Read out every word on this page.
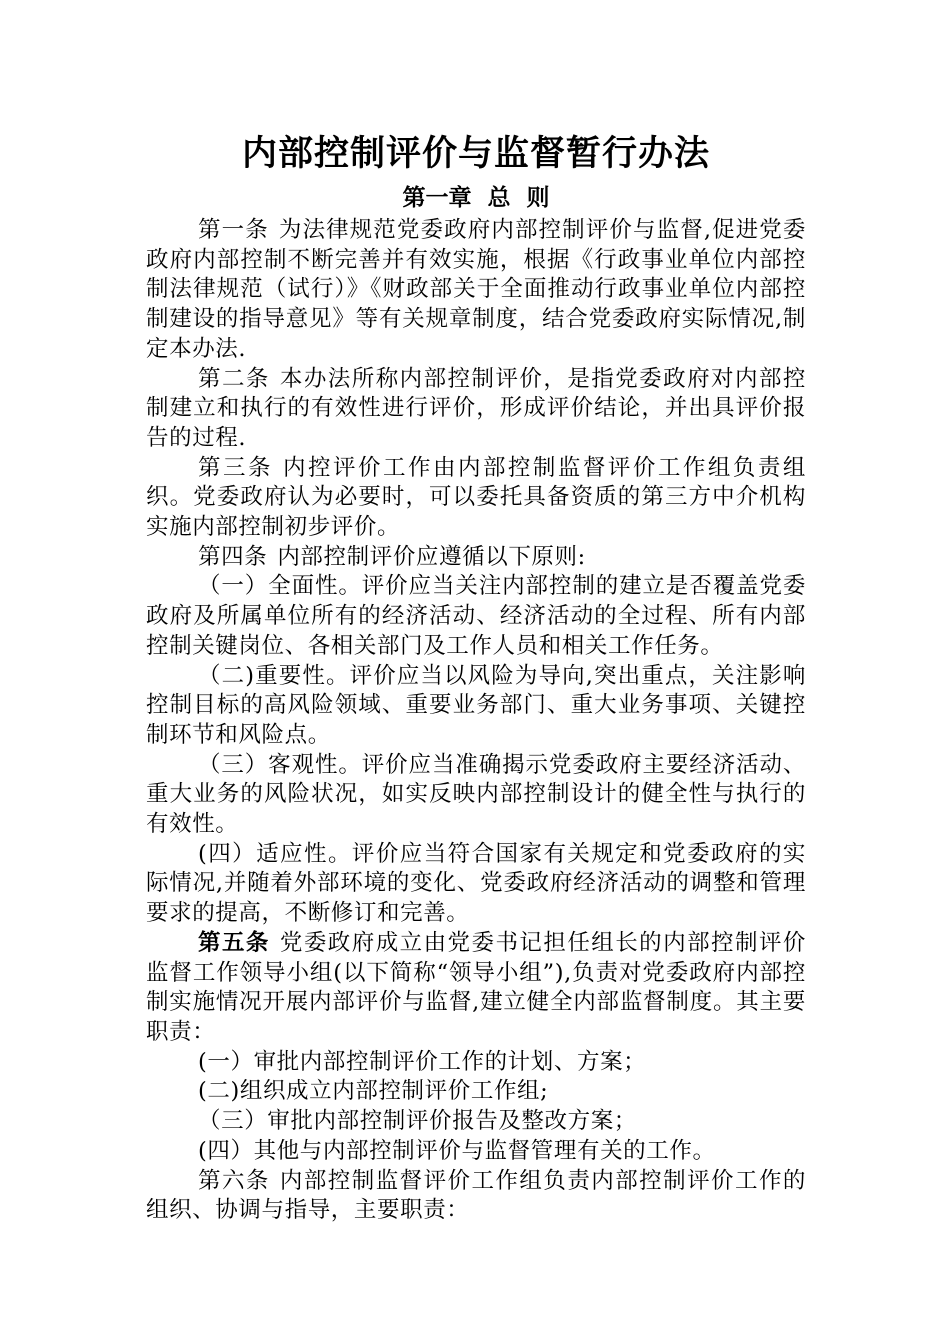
内部控制评价与监督暂行办法
第一章  总  则

第一条 为法律规范党委政府内部控制评价与监督,促进党委政府内部控制不断完善并有效实施，根据《行政事业单位内部控制法律规范（试行）》《财政部关于全面推动行政事业单位内部控制建设的指导意见》等有关规章制度，结合党委政府实际情况,制定本办法.

第二条 本办法所称内部控制评价，是指党委政府对内部控制建立和执行的有效性进行评价，形成评价结论，并出具评价报告的过程.

第三条 内控评价工作由内部控制监督评价工作组负责组织。党委政府认为必要时，可以委托具备资质的第三方中介机构实施内部控制初步评价。

第四条 内部控制评价应遵循以下原则:

（一）全面性。评价应当关注内部控制的建立是否覆盖党委政府及所属单位所有的经济活动、经济活动的全过程、所有内部控制关键岗位、各相关部门及工作人员和相关工作任务。

（二)重要性。评价应当以风险为导向,突出重点，关注影响控制目标的高风险领域、重要业务部门、重大业务事项、关键控制环节和风险点。

（三）客观性。评价应当准确揭示党委政府主要经济活动、重大业务的风险状况，如实反映内部控制设计的健全性与执行的有效性。

(四）适应性。评价应当符合国家有关规定和党委政府的实际情况,并随着外部环境的变化、党委政府经济活动的调整和管理要求的提高，不断修订和完善。

第五条 党委政府成立由党委书记担任组长的内部控制评价监督工作领导小组(以下简称“领导小组”),负责对党委政府内部控制实施情况开展内部评价与监督,建立健全内部监督制度。其主要职责：

(一）审批内部控制评价工作的计划、方案；

(二)组织成立内部控制评价工作组;

（三）审批内部控制评价报告及整改方案；

(四）其他与内部控制评价与监督管理有关的工作。

第六条 内部控制监督评价工作组负责内部控制评价工作的组织、协调与指导，主要职责：
